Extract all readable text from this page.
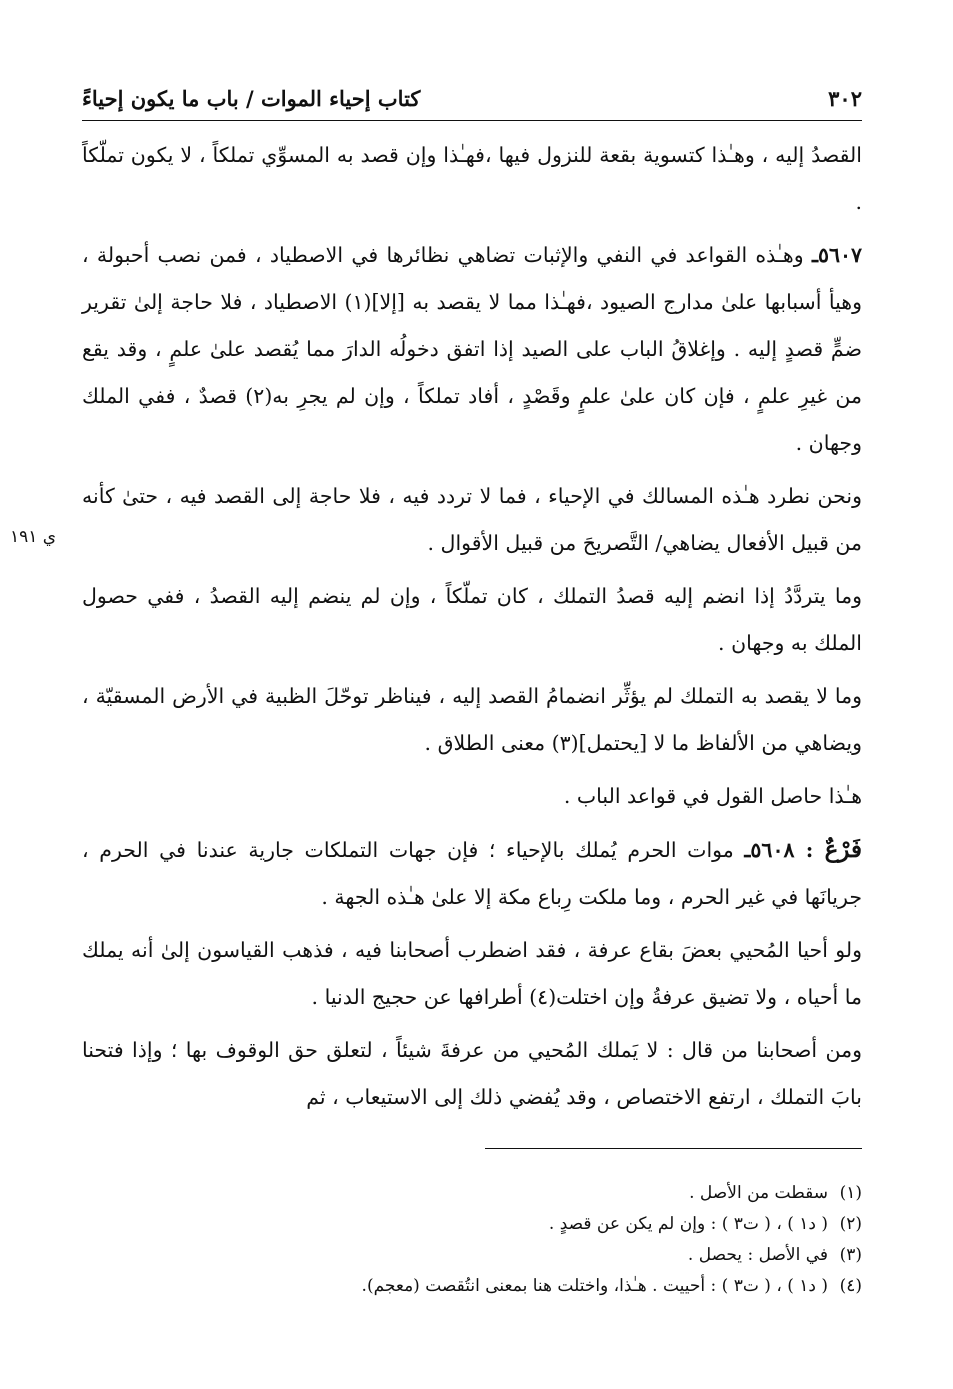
٣٠٢
كتاب إحياء الموات / باب ما يكون إحياءً
ي ١٩١

القصدُ إليه ، وهـٰذا كتسوية بقعة للنزول فيها ،فهـٰذا وإن قصد به المسوِّي تملكاً ، لا يكون تملّكاً .

٥٦٠٧ـ وهـٰذه القواعد في النفي والإثبات تضاهي نظائرها في الاصطياد ، فمن نصب أحبولة ، وهيأ أسبابها علىٰ مدارج الصيود ،فهـٰذا مما لا يقصد به [إلا](١) الاصطياد ، فلا حاجة إلىٰ تقرير ضمٍّ قصدٍ إليه . وإغلاقُ الباب على الصيد إذا اتفق دخولُه الدارَ مما يُقصد علىٰ علمٍ ، وقد يقع من غيرِ علمٍ ، فإن كان علىٰ علمٍ وقَصْدٍ ، أفاد تملكاً ، وإن لم يجرِ به(٢) قصدٌ ، ففي الملك وجهان .

ونحن نطرد هـٰذه المسالك في الإحياء ، فما لا تردد فيه ، فلا حاجة إلى القصد فيه ، حتىٰ كأنه من قبيل الأفعال يضاهي/ التَّصريحَ من قبيل الأقوال .

وما يتردَّدُ إذا انضم إليه قصدُ التملك ، كان تملّكاً ، وإن لم ينضم إليه القصدُ ، ففي حصول الملك به وجهان .

وما لا يقصد به التملك لم يؤثِّر انضمامُ القصد إليه ، فيناظر توحّلَ الظبية في الأرض المسقيّة ، ويضاهي من الألفاظ ما لا [يحتمل](٣) معنى الطلاق .

هـٰذا حاصل القول في قواعد الباب .

فَرْعٌ : ٥٦٠٨ـ موات الحرم يُملك بالإحياء ؛ فإن جهات التملكات جارية عندنا في الحرم ، جريانَها في غير الحرم ، وما ملكت رِباع مكة إلا علىٰ هـٰذه الجهة .

ولو أحيا المُحيي بعضَ بقاع عرفة ، فقد اضطرب أصحابنا فيه ، فذهب القياسون إلىٰ أنه يملك ما أحياه ، ولا تضيق عرفةُ وإن اختلت(٤) أطرافها عن حجيج الدنيا .

ومن أصحابنا من قال : لا يَملك المُحيي من عرفةَ شيئاً ، لتعلق حق الوقوف بها ؛ وإذا فتحنا بابَ التملك ، ارتفع الاختصاص ، وقد يُفضي ذلك إلى الاستيعاب ، ثم

(١)سقطت من الأصل .
(٢)( د١ ) ، ( ت٣ ) : وإن لم يكن عن قصدٍ .
(٣)في الأصل : يحصل .
(٤)( د١ ) ، ( ت٣ ) : أحييت . هـٰذا، واختلت هنا بمعنى انتُقصت (معجم).
